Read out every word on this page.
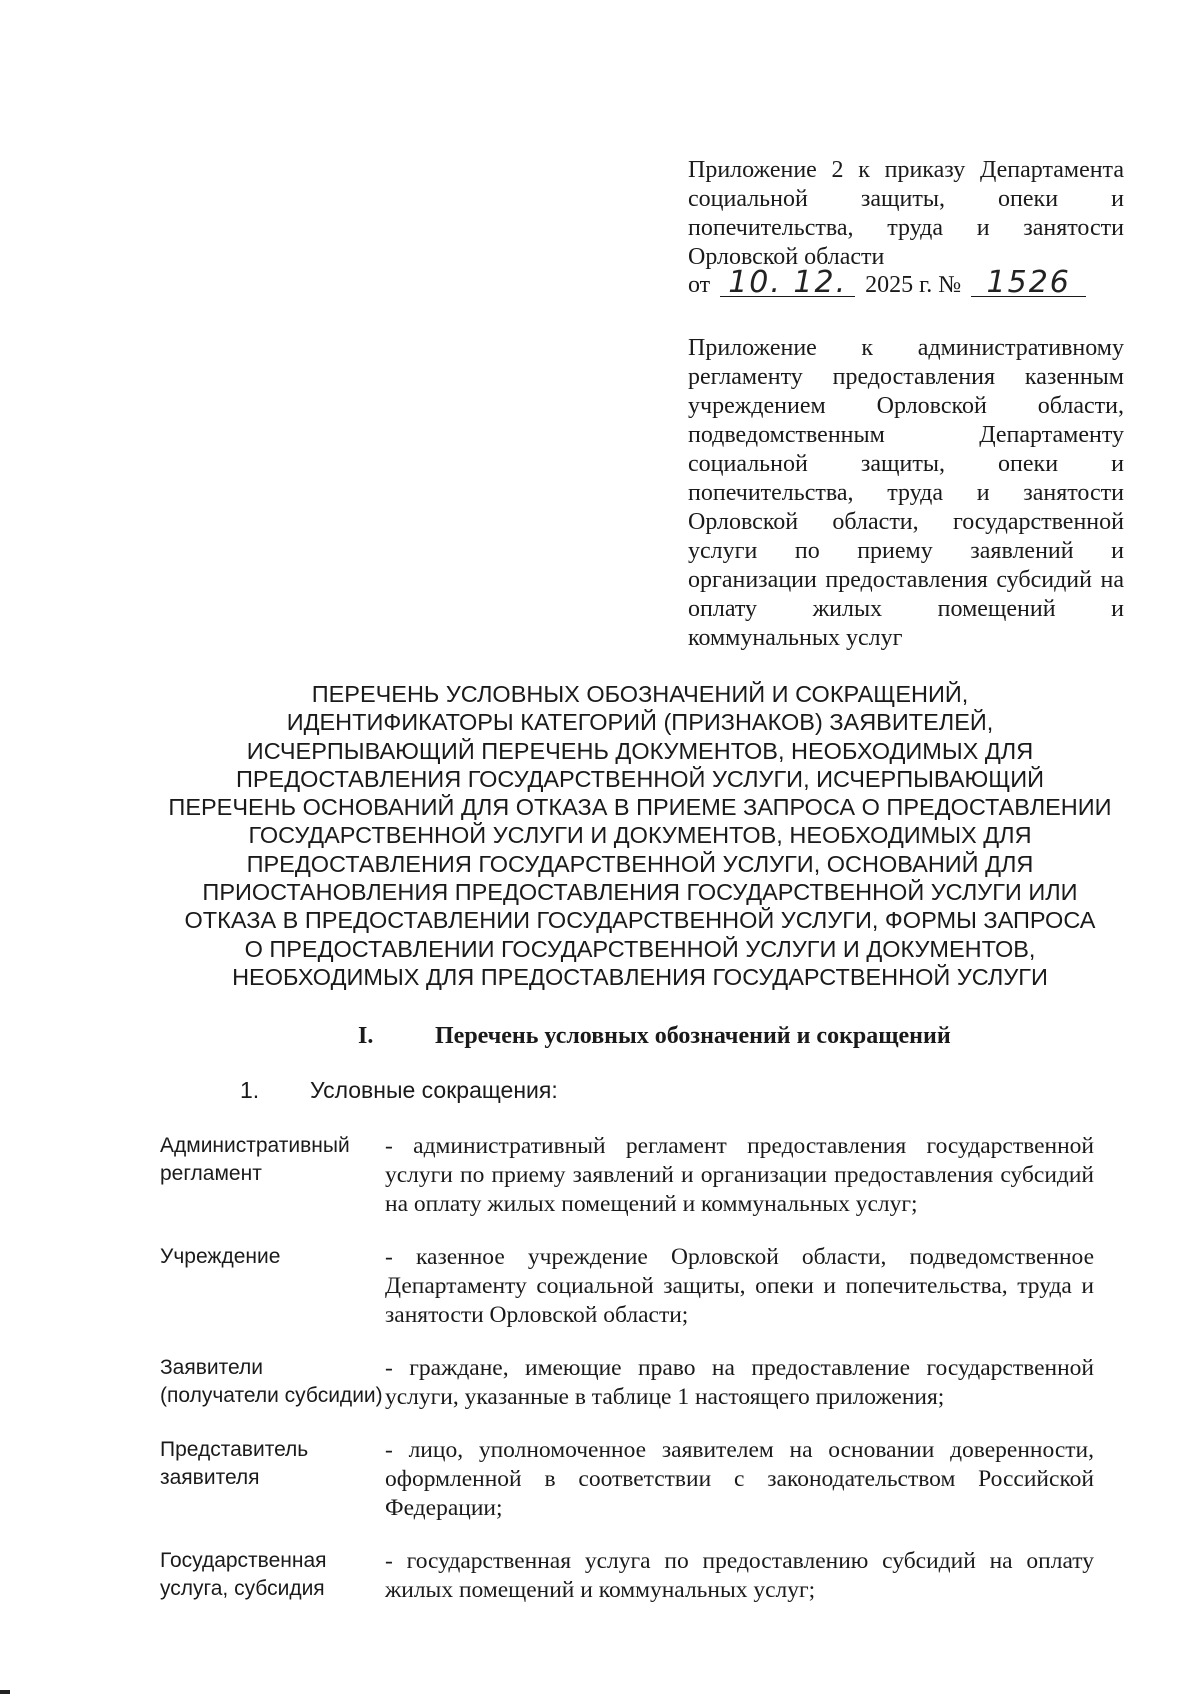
Приложение 2 к приказу Департамента социальной защиты, опеки и попечительства, труда и занятости Орловской области
от 10. 12. 2025 г. № 1526
Приложение к административному регламенту предоставления казенным учреждением Орловской области, подведомственным Департаменту социальной защиты, опеки и попечительства, труда и занятости Орловской области, государственной услуги по приему заявлений и организации предоставления субсидий на оплату жилых помещений и коммунальных услуг
ПЕРЕЧЕНЬ УСЛОВНЫХ ОБОЗНАЧЕНИЙ И СОКРАЩЕНИЙ,
ИДЕНТИФИКАТОРЫ КАТЕГОРИЙ (ПРИЗНАКОВ) ЗАЯВИТЕЛЕЙ,
ИСЧЕРПЫВАЮЩИЙ ПЕРЕЧЕНЬ ДОКУМЕНТОВ, НЕОБХОДИМЫХ ДЛЯ
ПРЕДОСТАВЛЕНИЯ ГОСУДАРСТВЕННОЙ УСЛУГИ, ИСЧЕРПЫВАЮЩИЙ
ПЕРЕЧЕНЬ ОСНОВАНИЙ ДЛЯ ОТКАЗА В ПРИЕМЕ ЗАПРОСА О ПРЕДОСТАВЛЕНИИ
ГОСУДАРСТВЕННОЙ УСЛУГИ И ДОКУМЕНТОВ, НЕОБХОДИМЫХ ДЛЯ
ПРЕДОСТАВЛЕНИЯ ГОСУДАРСТВЕННОЙ УСЛУГИ, ОСНОВАНИЙ ДЛЯ
ПРИОСТАНОВЛЕНИЯ ПРЕДОСТАВЛЕНИЯ ГОСУДАРСТВЕННОЙ УСЛУГИ ИЛИ
ОТКАЗА В ПРЕДОСТАВЛЕНИИ ГОСУДАРСТВЕННОЙ УСЛУГИ, ФОРМЫ ЗАПРОСА
О ПРЕДОСТАВЛЕНИИ ГОСУДАРСТВЕННОЙ УСЛУГИ И ДОКУМЕНТОВ,
НЕОБХОДИМЫХ ДЛЯ ПРЕДОСТАВЛЕНИЯ ГОСУДАРСТВЕННОЙ УСЛУГИ
I.	Перечень условных обозначений и сокращений
1. Условные сокращения:
Административный регламент
- административный регламент предоставления государственной услуги по приему заявлений и организации предоставления субсидий на оплату жилых помещений и коммунальных услуг;
Учреждение	- казенное учреждение Орловской области, подведомственное Департаменту социальной защиты, опеки и попечительства, труда и занятости Орловской области;
Заявители (получатели субсидии)
- граждане, имеющие право на предоставление государственной услуги, указанные в таблице 1 настоящего приложения;
Представитель заявителя
- лицо, уполномоченное заявителем на основании доверенности, оформленной в соответствии с законодательством Российской Федерации;
Государственная услуга, субсидия
- государственная услуга по предоставлению субсидий на оплату жилых помещений и коммунальных услуг;
